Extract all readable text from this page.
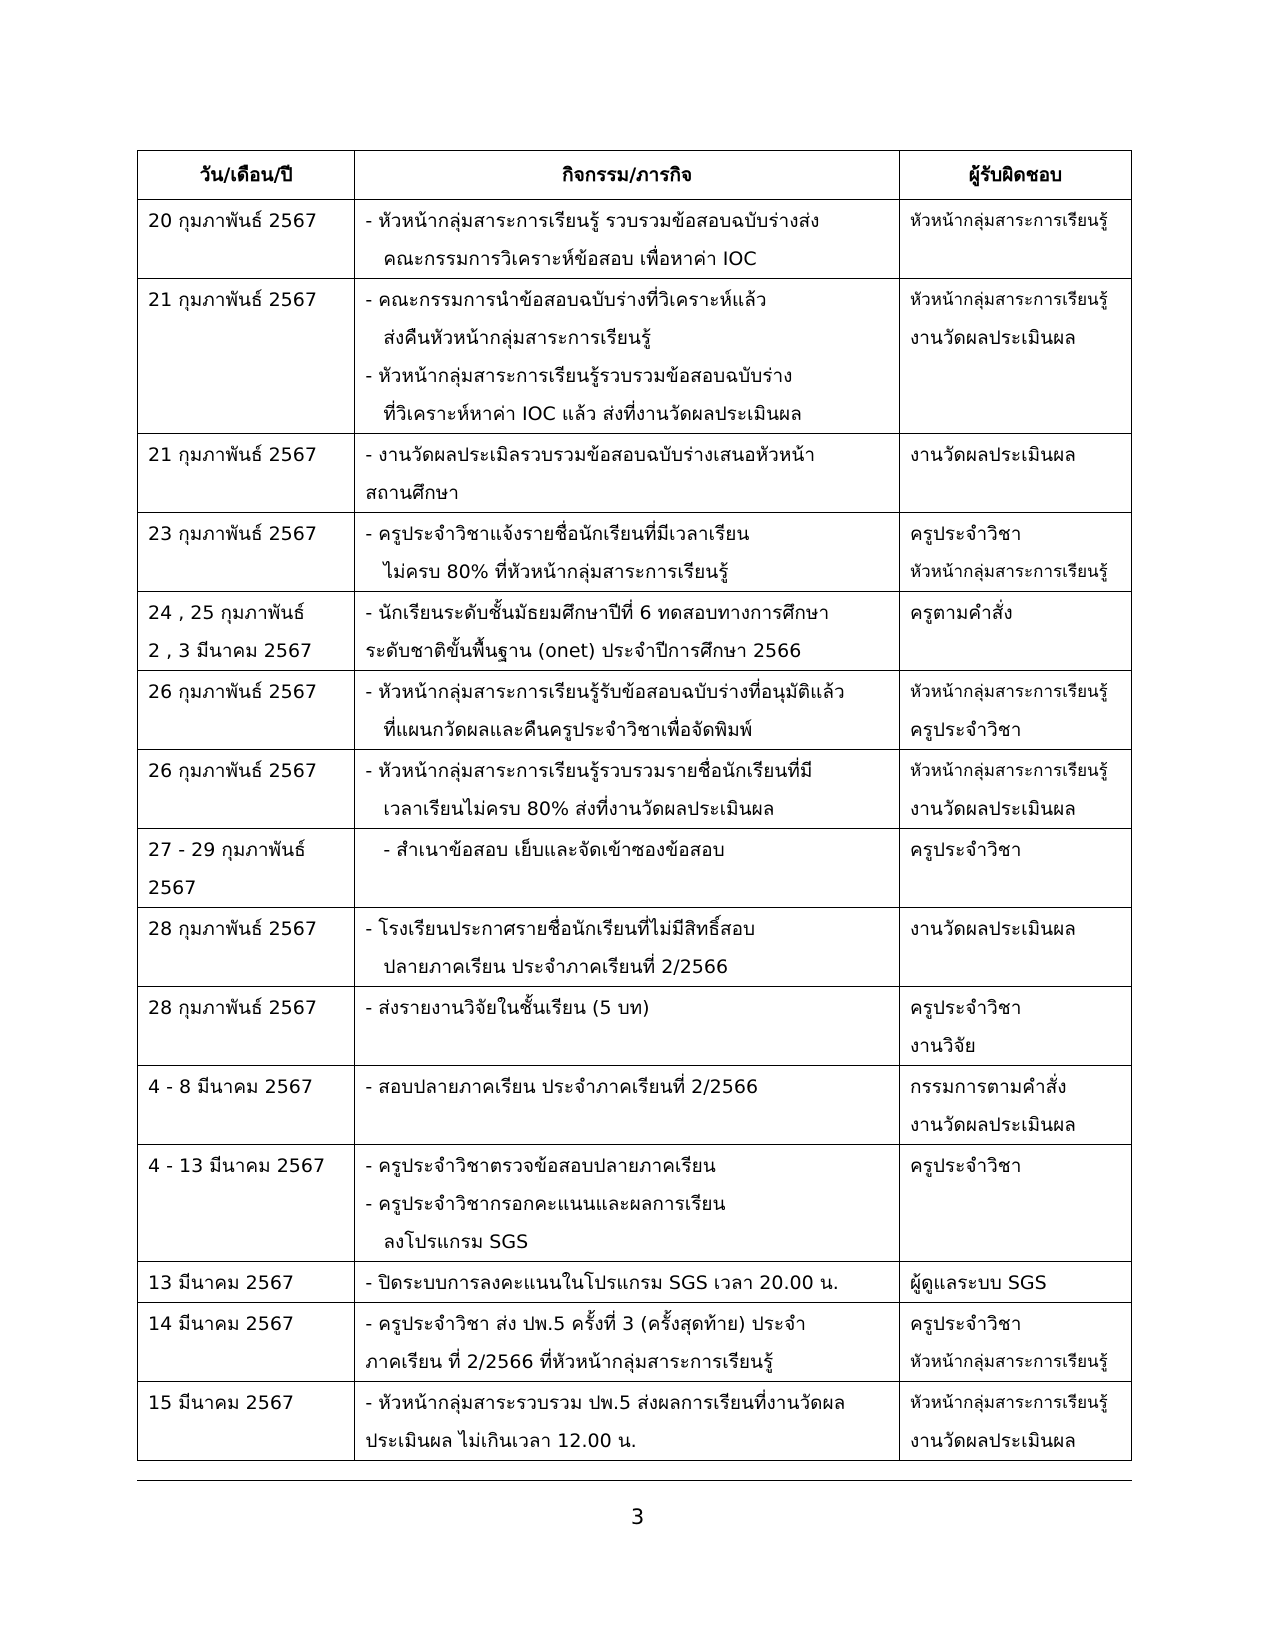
วัน/เดือน/ปี	กิจกรรม/ภารกิจ	ผู้รับผิดชอบ

20 กุมภาพันธ์ 2567	- หัวหน้ากลุ่มสาระการเรียนรู้ รวบรวมข้อสอบฉบับร่างส่ง
คณะกรรมการวิเคราะห์ข้อสอบ เพื่อหาค่า IOC	หัวหน้ากลุ่มสาระการเรียนรู้

21 กุมภาพันธ์ 2567	- คณะกรรมการนำข้อสอบฉบับร่างที่วิเคราะห์แล้ว
ส่งคืนหัวหน้ากลุ่มสาระการเรียนรู้
- หัวหน้ากลุ่มสาระการเรียนรู้รวบรวมข้อสอบฉบับร่าง
ที่วิเคราะห์หาค่า IOC แล้ว ส่งที่งานวัดผลประเมินผล	หัวหน้ากลุ่มสาระการเรียนรู้
งานวัดผลประเมินผล

21 กุมภาพันธ์ 2567	- งานวัดผลประเมิลรวบรวมข้อสอบฉบับร่างเสนอหัวหน้า
สถานศึกษา	งานวัดผลประเมินผล

23 กุมภาพันธ์ 2567	- ครูประจำวิชาแจ้งรายชื่อนักเรียนที่มีเวลาเรียน
ไม่ครบ 80% ที่หัวหน้ากลุ่มสาระการเรียนรู้	ครูประจำวิชา
หัวหน้ากลุ่มสาระการเรียนรู้

24 , 25 กุมภาพันธ์
2 , 3 มีนาคม 2567	- นักเรียนระดับชั้นมัธยมศึกษาปีที่ 6 ทดสอบทางการศึกษา
ระดับชาติขั้นพื้นฐาน (onet) ประจำปีการศึกษา 2566	ครูตามคำสั่ง

26 กุมภาพันธ์ 2567	- หัวหน้ากลุ่มสาระการเรียนรู้รับข้อสอบฉบับร่างที่อนุมัติแล้ว
ที่แผนกวัดผลและคืนครูประจำวิชาเพื่อจัดพิมพ์	หัวหน้ากลุ่มสาระการเรียนรู้
ครูประจำวิชา

26 กุมภาพันธ์ 2567	- หัวหน้ากลุ่มสาระการเรียนรู้รวบรวมรายชื่อนักเรียนที่มี
เวลาเรียนไม่ครบ 80% ส่งที่งานวัดผลประเมินผล	หัวหน้ากลุ่มสาระการเรียนรู้
งานวัดผลประเมินผล

27 - 29 กุมภาพันธ์
2567	- สำเนาข้อสอบ เย็บและจัดเข้าซองข้อสอบ	ครูประจำวิชา

28 กุมภาพันธ์ 2567	- โรงเรียนประกาศรายชื่อนักเรียนที่ไม่มีสิทธิ์สอบ
ปลายภาคเรียน ประจำภาคเรียนที่ 2/2566	งานวัดผลประเมินผล

28 กุมภาพันธ์ 2567	- ส่งรายงานวิจัยในชั้นเรียน (5 บท)	ครูประจำวิชา
งานวิจัย

4 - 8 มีนาคม 2567	- สอบปลายภาคเรียน ประจำภาคเรียนที่ 2/2566	กรรมการตามคำสั่ง
งานวัดผลประเมินผล

4 - 13 มีนาคม 2567	- ครูประจำวิชาตรวจข้อสอบปลายภาคเรียน
- ครูประจำวิชากรอกคะแนนและผลการเรียน
ลงโปรแกรม SGS	ครูประจำวิชา

13 มีนาคม 2567	- ปิดระบบการลงคะแนนในโปรแกรม SGS เวลา 20.00 น.	ผู้ดูแลระบบ SGS

14 มีนาคม 2567	- ครูประจำวิชา ส่ง ปพ.5 ครั้งที่ 3 (ครั้งสุดท้าย) ประจำ
ภาคเรียน ที่ 2/2566 ที่หัวหน้ากลุ่มสาระการเรียนรู้	ครูประจำวิชา
หัวหน้ากลุ่มสาระการเรียนรู้

15 มีนาคม 2567	- หัวหน้ากลุ่มสาระรวบรวม ปพ.5 ส่งผลการเรียนที่งานวัดผล
ประเมินผล ไม่เกินเวลา 12.00 น.	หัวหน้ากลุ่มสาระการเรียนรู้
งานวัดผลประเมินผล
3
